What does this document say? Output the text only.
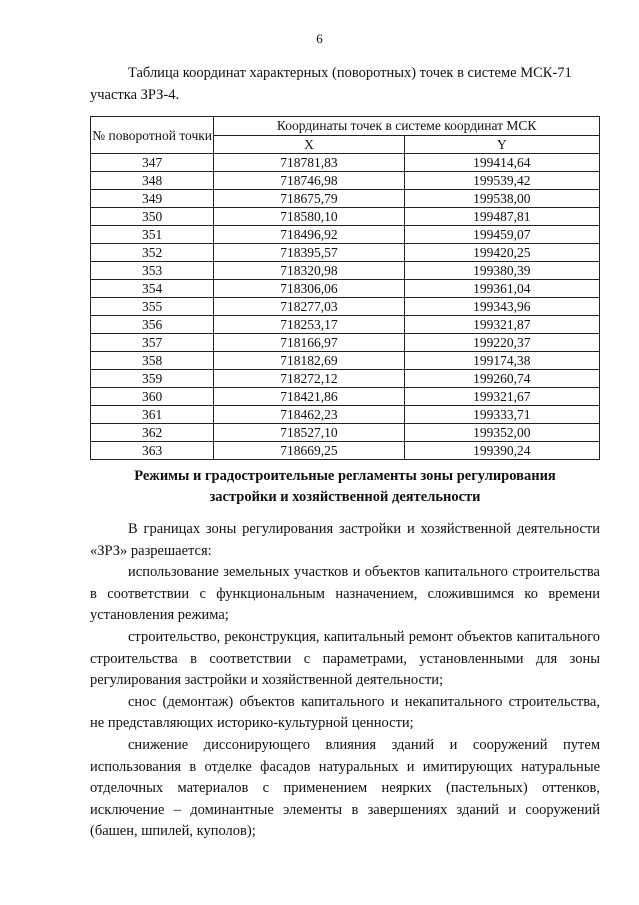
6
Таблица координат характерных (поворотных) точек в системе МСК-71
участка ЗРЗ-4.
№ поворотной точки	Координаты точек в системе координат МСК	
	X	Y
347	718781,83	199414,64
348	718746,98	199539,42
349	718675,79	199538,00
350	718580,10	199487,81
351	718496,92	199459,07
352	718395,57	199420,25
353	718320,98	199380,39
354	718306,06	199361,04
355	718277,03	199343,96
356	718253,17	199321,87
357	718166,97	199220,37
358	718182,69	199174,38
359	718272,12	199260,74
360	718421,86	199321,67
361	718462,23	199333,71
362	718527,10	199352,00
363	718669,25	199390,24
Режимы и градостроительные регламенты зоны регулирования
застройки и хозяйственной деятельности

В границах зоны регулирования застройки и хозяйственной деятельности «ЗРЗ» разрешается:

использование земельных участков и объектов капитального строительства в соответствии с функциональным назначением, сложившимся ко времени установления режима;

строительство, реконструкция, капитальный ремонт объектов капитального строительства в соответствии с параметрами, установленными для зоны регулирования застройки и хозяйственной деятельности;

снос (демонтаж) объектов капитального и некапитального строительства, не представляющих историко-культурной ценности;

снижение диссонирующего влияния зданий и сооружений путем использования в отделке фасадов натуральных и имитирующих натуральные отделочных материалов с применением неярких (пастельных) оттенков, исключение – доминантные элементы в завершениях зданий и сооружений (башен, шпилей, куполов);
